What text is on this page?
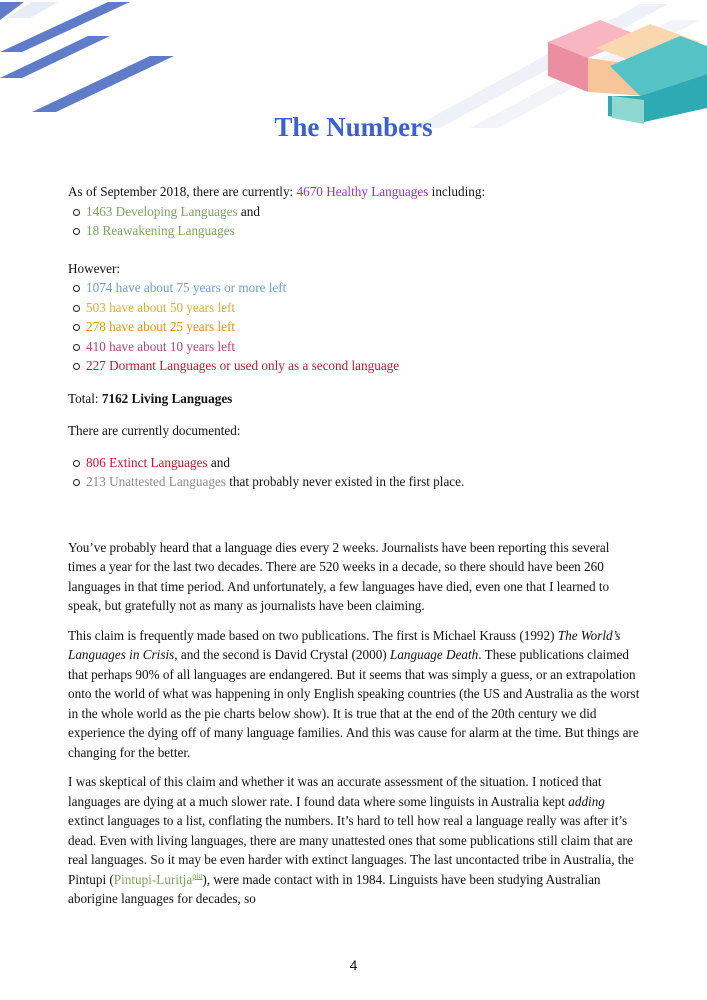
The Numbers

As of September 2018, there are currently: 4670 Healthy Languages including:

1463 Developing Languages and
18 Reawakening Languages

However:

1074 have about 75 years or more left
503 have about 50 years left
278 have about 25 years left
410 have about 10 years left
227 Dormant Languages or used only as a second language

Total: 7162 Living Languages

There are currently documented:

806 Extinct Languages and
213 Unattested Languages that probably never existed in the first place.

You’ve probably heard that a language dies every 2 weeks. Journalists have been reporting this several times a year for the last two decades. There are 520 weeks in a decade, so there should have been 260 languages in that time period. And unfortunately, a few languages have died, even one that I learned to speak, but gratefully not as many as journalists have been claiming.

This claim is frequently made based on two publications. The first is Michael Krauss (1992) The World’s Languages in Crisis, and the second is David Crystal (2000) Language Death. These publications claimed that perhaps 90% of all languages are endangered. But it seems that was simply a guess, or an extrapolation onto the world of what was happening in only English speaking countries (the US and Australia as the worst in the whole world as the pie charts below show). It is true that at the end of the 20th century we did experience the dying off of many language families. And this was cause for alarm at the time. But things are changing for the better.

I was skeptical of this claim and whether it was an accurate assessment of the situation. I noticed that languages are dying at a much slower rate. I found data where some linguists in Australia kept adding extinct languages to a list, conflating the numbers. It’s hard to tell how real a language really was after it’s dead. Even with living languages, there are many unattested ones that some publications still claim that are real languages. So it may be even harder with extinct languages. The last uncontacted tribe in Australia, the Pintupi (Pintupi-Luritja$^{piu}$), were made contact with in 1984. Linguists have been studying Australian aborigine languages for decades, so

4
